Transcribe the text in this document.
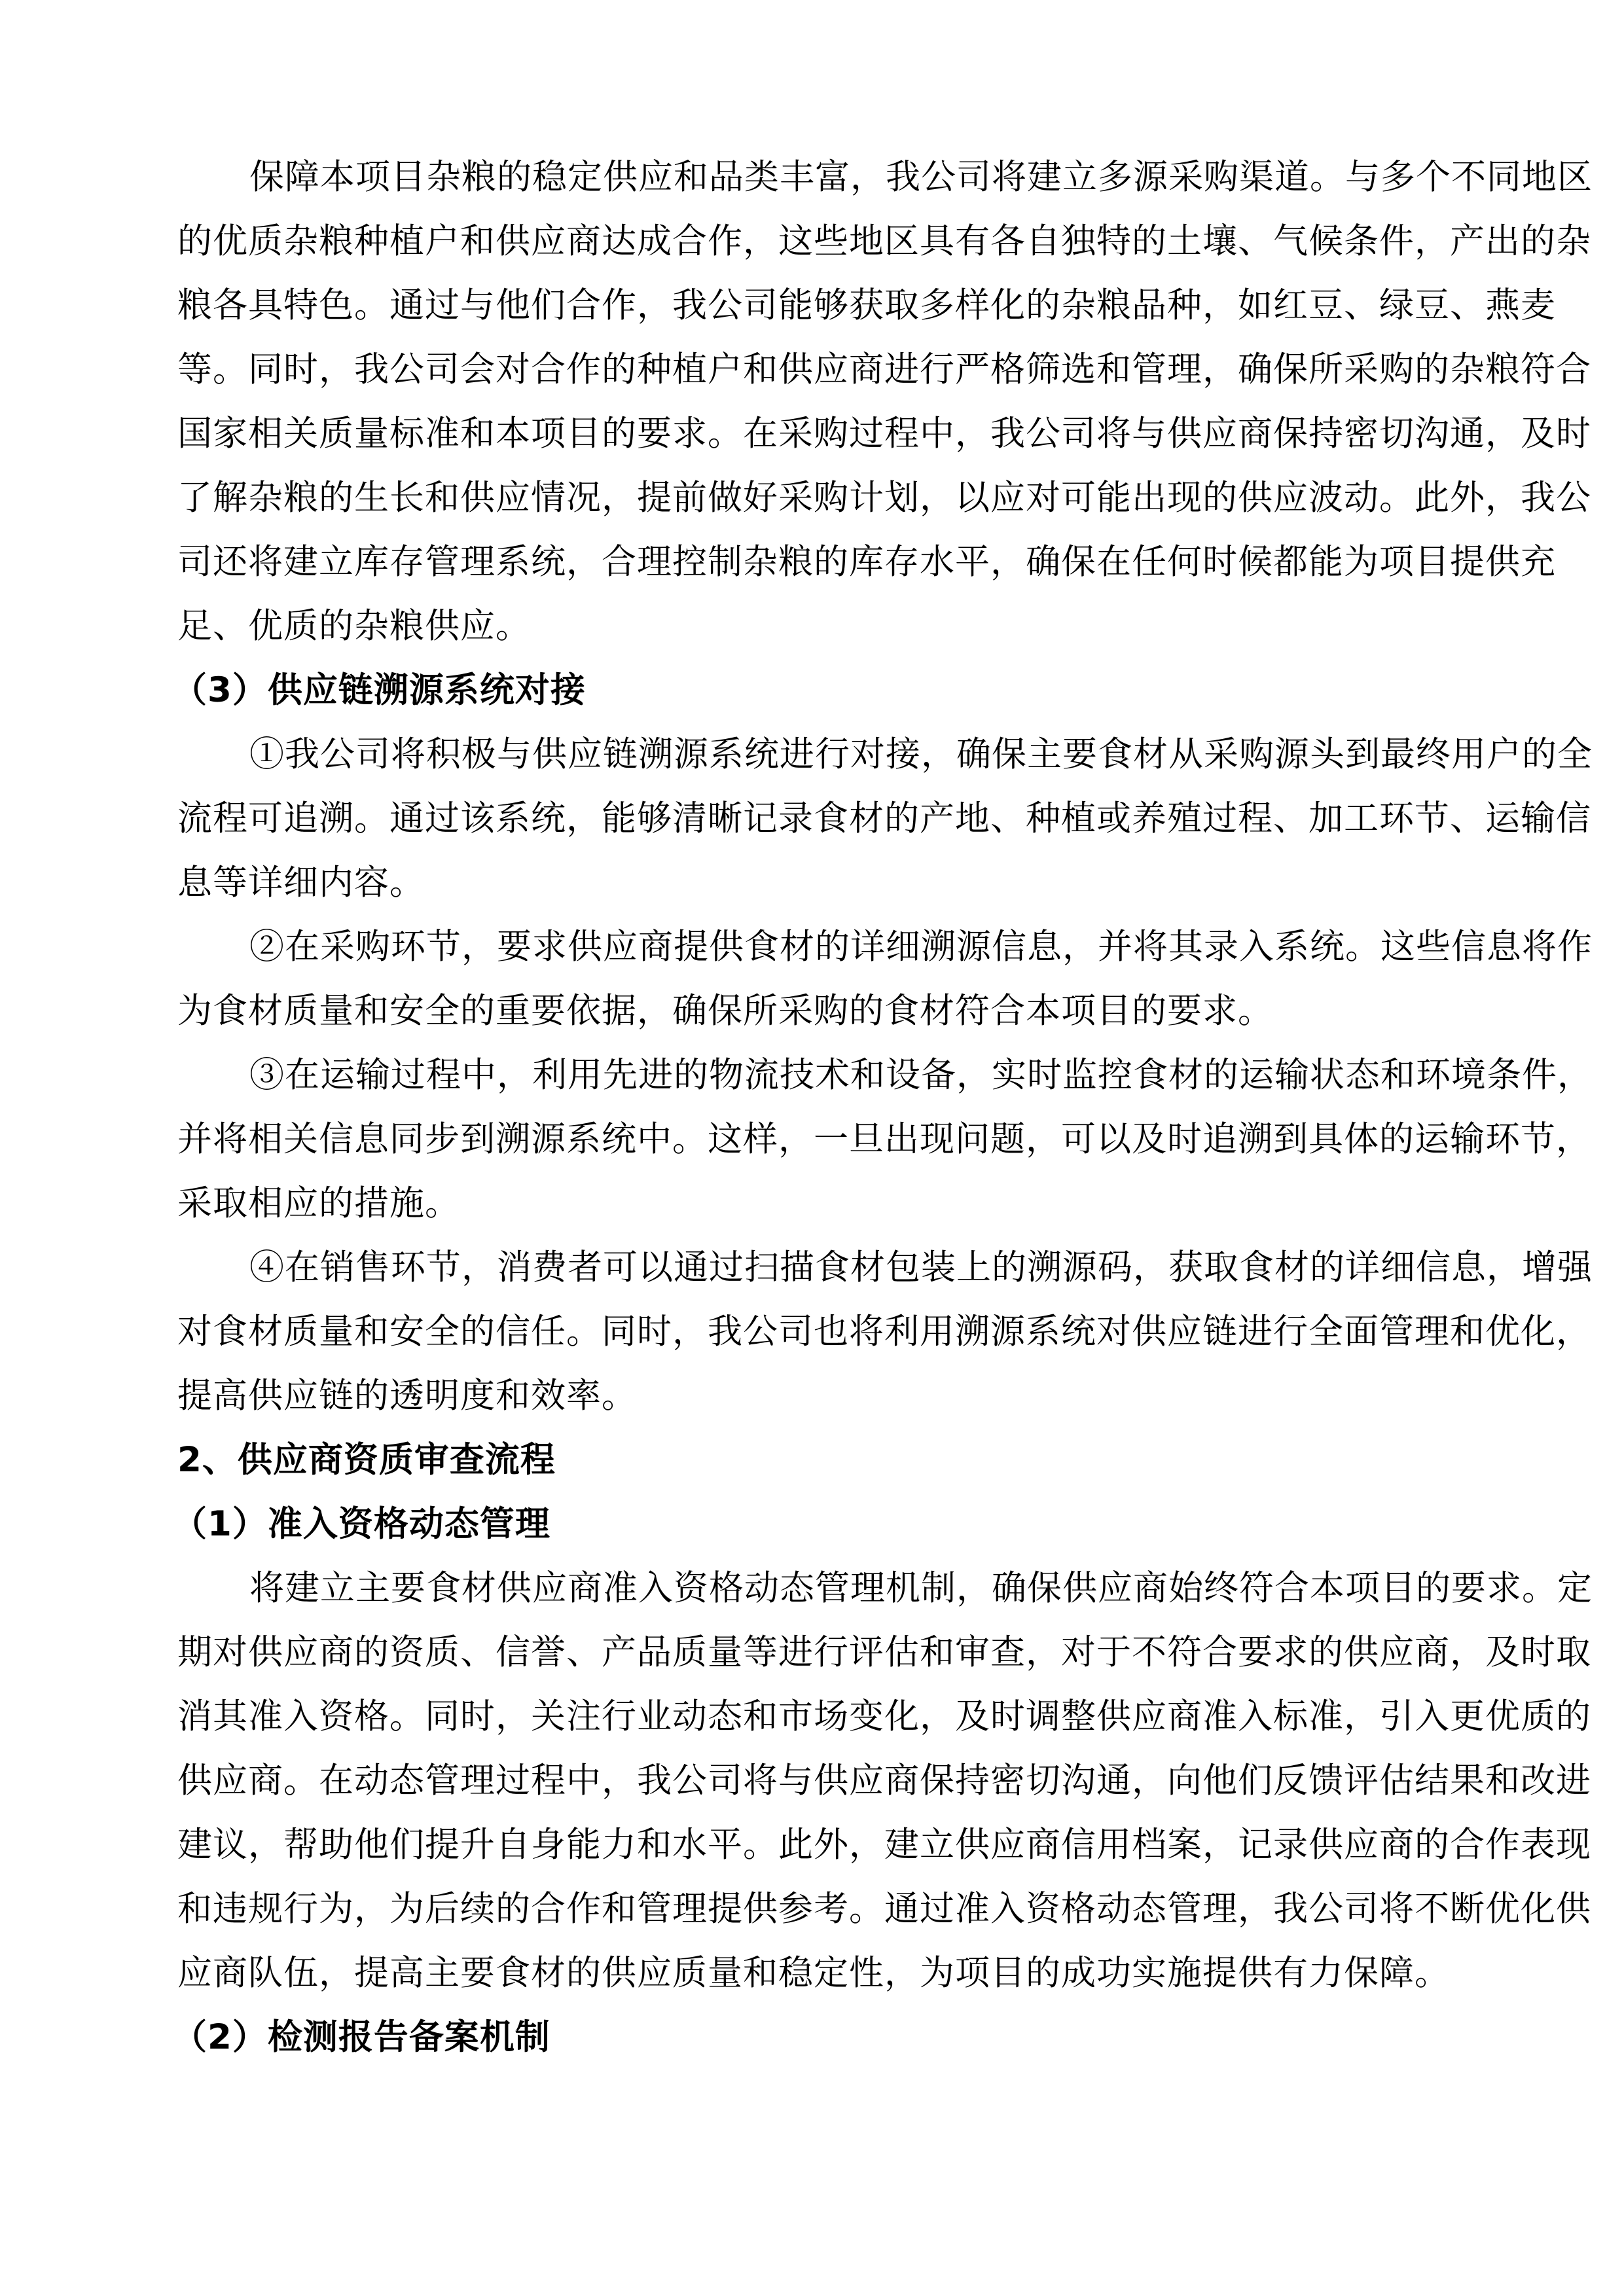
保障本项目杂粮的稳定供应和品类丰富，我公司将建立多源采购渠道。与多个不同地区
的优质杂粮种植户和供应商达成合作，这些地区具有各自独特的土壤、气候条件，产出的杂
粮各具特色。通过与他们合作，我公司能够获取多样化的杂粮品种，如红豆、绿豆、燕麦
等。同时，我公司会对合作的种植户和供应商进行严格筛选和管理，确保所采购的杂粮符合
国家相关质量标准和本项目的要求。在采购过程中，我公司将与供应商保持密切沟通，及时
了解杂粮的生长和供应情况，提前做好采购计划，以应对可能出现的供应波动。此外，我公
司还将建立库存管理系统，合理控制杂粮的库存水平，确保在任何时候都能为项目提供充
足、优质的杂粮供应。
（3）供应链溯源系统对接
①我公司将积极与供应链溯源系统进行对接，确保主要食材从采购源头到最终用户的全
流程可追溯。通过该系统，能够清晰记录食材的产地、种植或养殖过程、加工环节、运输信
息等详细内容。
②在采购环节，要求供应商提供食材的详细溯源信息，并将其录入系统。这些信息将作
为食材质量和安全的重要依据，确保所采购的食材符合本项目的要求。
③在运输过程中，利用先进的物流技术和设备，实时监控食材的运输状态和环境条件，
并将相关信息同步到溯源系统中。这样，一旦出现问题，可以及时追溯到具体的运输环节，
采取相应的措施。
④在销售环节，消费者可以通过扫描食材包装上的溯源码，获取食材的详细信息，增强
对食材质量和安全的信任。同时，我公司也将利用溯源系统对供应链进行全面管理和优化，
提高供应链的透明度和效率。
2、供应商资质审查流程
（1）准入资格动态管理
将建立主要食材供应商准入资格动态管理机制，确保供应商始终符合本项目的要求。定
期对供应商的资质、信誉、产品质量等进行评估和审查，对于不符合要求的供应商，及时取
消其准入资格。同时，关注行业动态和市场变化，及时调整供应商准入标准，引入更优质的
供应商。在动态管理过程中，我公司将与供应商保持密切沟通，向他们反馈评估结果和改进
建议，帮助他们提升自身能力和水平。此外，建立供应商信用档案，记录供应商的合作表现
和违规行为，为后续的合作和管理提供参考。通过准入资格动态管理，我公司将不断优化供
应商队伍，提高主要食材的供应质量和稳定性，为项目的成功实施提供有力保障。
（2）检测报告备案机制
